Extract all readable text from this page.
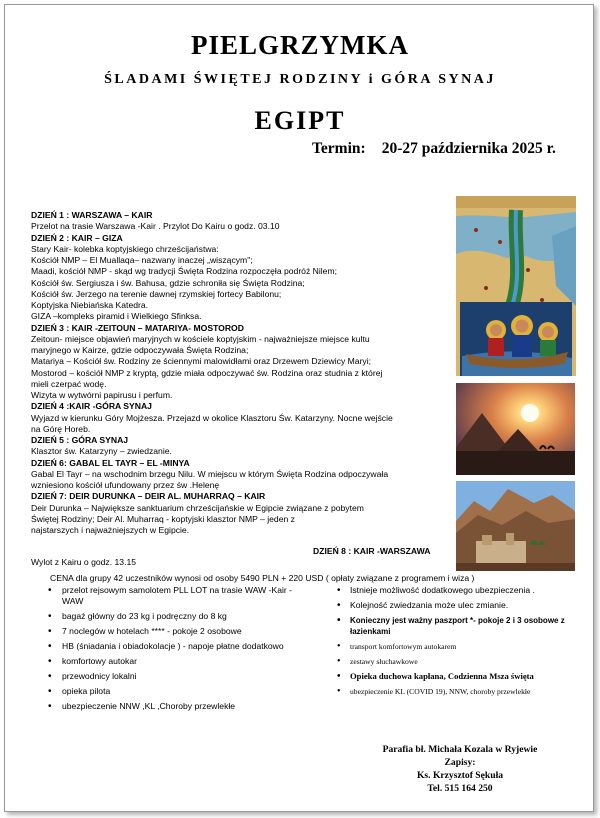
PIELGRZYMKA
ŚLADAMI ŚWIĘTEJ RODZINY i GÓRA SYNAJ
EGIPT
Termin: 20-27 października 2025 r.
DZIEŃ 1 : WARSZAWA – KAIR
Przelot na trasie Warszawa -Kair . Przylot Do Kairu o godz. 03.10
DZIEŃ 2 : KAIR – GIZA
Stary Kair- kolebka koptyjskiego chrześcijaństwa:
Kościół NMP – El Muallaqa– nazwany inaczej „wiszącym";
Maadi, kościół NMP - skąd wg tradycji Święta Rodzina rozpoczęła podróż Nilem;
Kościół św. Sergiusza i św. Bahusa, gdzie schroniła się Święta Rodzina;
Kościół św. Jerzego na terenie dawnej rzymskiej fortecy Babilonu;
Koptyjska Niebiańska Katedra.
GIZA –kompleks piramid i Wielkiego Sfinksa.
DZIEŃ 3 : KAIR -ZEITOUN – MATARIYA- MOSTOROD
Zeitoun- miejsce objawień maryjnych w kościele koptyjskim - najważniejsze miejsce kultu
maryjnego w Kairze, gdzie odpoczywała Święta Rodzina;
Matariya – Kościół św. Rodziny ze ściennymi malowidłami oraz Drzewem Dziewicy Maryi;
Mostorod – kościół NMP z kryptą, gdzie miała odpoczywać św. Rodzina oraz studnia z której
mieli czerpać wodę.
Wizyta w wytwórni papirusu i perfum.
DZIEŃ 4 :KAIR -GÓRA SYNAJ
Wyjazd w kierunku Góry Mojżesza. Przejazd w okolice Klasztoru Św. Katarzyny. Nocne wejście
na Górę Horeb.
DZIEŃ 5 : GÓRA SYNAJ
Klasztor św. Katarzyny – zwiedzanie.
DZIEŃ 6: GABAL EL TAYR – EL -MINYA
Gabal El Tayr – na wschodnim brzegu Nilu. W miejscu w którym Święta Rodzina odpoczywała
wzniesiono kościół ufundowany przez św .Helenę
DZIEŃ 7: DEIR DURUNKA – DEIR AL. MUHARRAQ – KAIR
Deir Durunka – Największe sanktuarium chrześcijańskie w Egipcie związane z pobytem
Świętej Rodziny; Deir Al. Muharraq - koptyjski klasztor NMP – jeden z
najstarszych i najważniejszych w Egipcie.
DZIEŃ 8 : KAIR -WARSZAWA
Wylot z Kairu o godz. 13.15
CENA dla grupy 42 uczestników wynosi od osoby 5490 PLN + 220 USD ( opłaty związane z programem i wiza )
• przelot rejsowym samolotem PLL LOT na trasie WAW -Kair -WAW
• bagaż główny do 23 kg i podręczny do 8 kg
• 7 noclegów w hotelach **** - pokoje 2 osobowe
• HB (śniadania i obiadokolacje ) - napoje płatne dodatkowo
• komfortowy autokar
• przewodnicy lokalni
• opieka pilota
• ubezpieczenie NNW ,KL ,Choroby przewlekłe
• Istnieje możliwość dodatkowego ubezpieczenia .
• Kolejność zwiedzania może ulec zmianie.
• Konieczny jest ważny paszport *- pokoje 2 i 3 osobowe z łazienkami
• transport komfortowym autokarem
• zestawy słuchawkowe
• Opieka duchowa kapłana, Codzienna Msza święta
• ubezpieczenie KL (COVID 19), NNW, choroby przewlekłe
Parafia bł. Michała Kozala w Ryjewie
Zapisy:
Ks. Krzysztof Sękuła
Tel. 515 164 250
